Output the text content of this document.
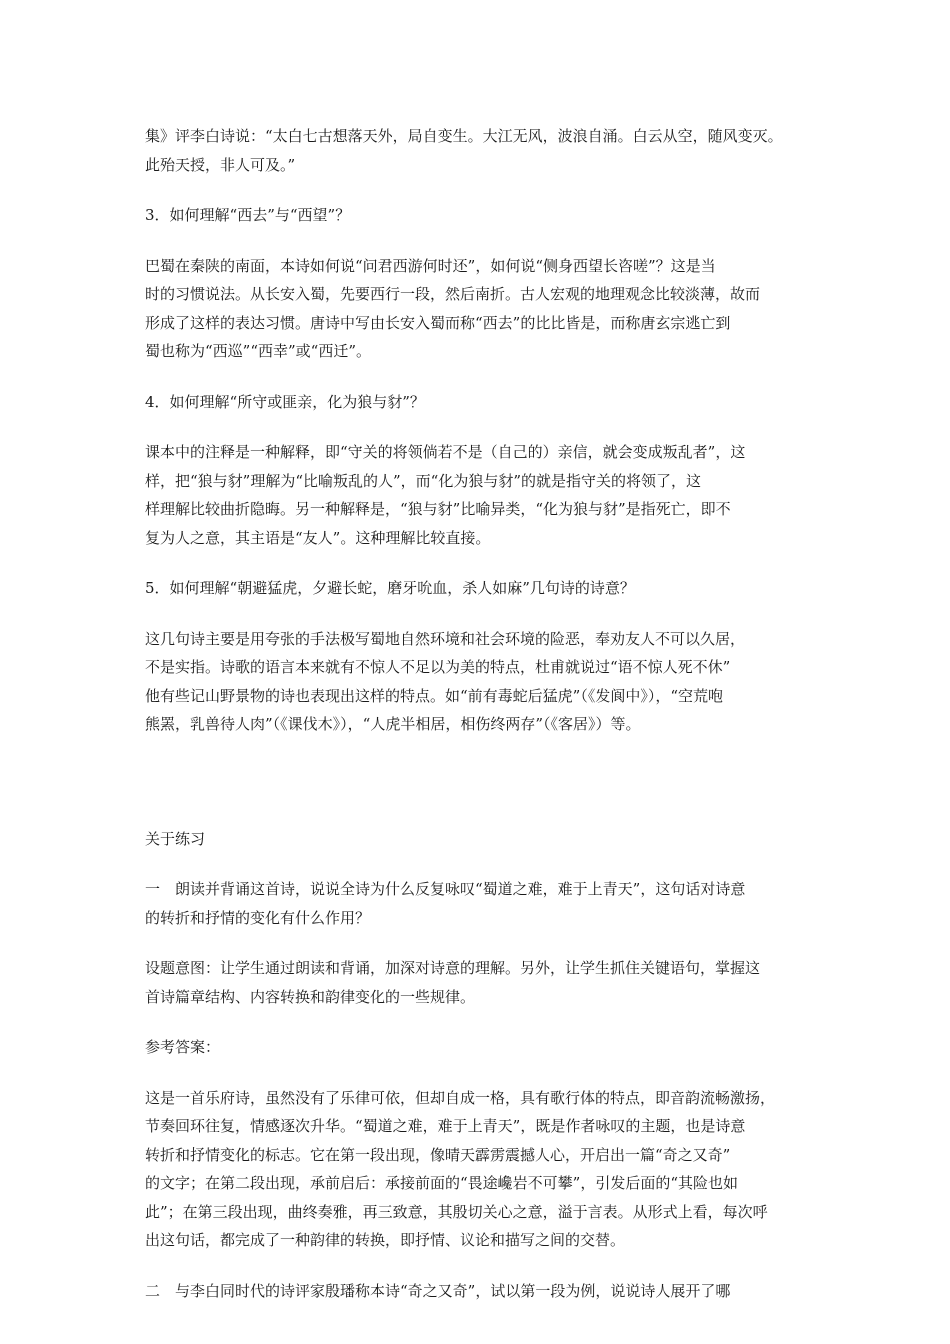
集》评李白诗说：“太白七古想落天外，局自变生。大江无风，波浪自涌。白云从空，随风变灭。
此殆天授，非人可及。”
3．如何理解“西去”与“西望”？
巴蜀在秦陕的南面，本诗如何说“问君西游何时还”，如何说“侧身西望长咨嗟”？这是当
时的习惯说法。从长安入蜀，先要西行一段，然后南折。古人宏观的地理观念比较淡薄，故而
形成了这样的表达习惯。唐诗中写由长安入蜀而称“西去”的比比皆是，而称唐玄宗逃亡到
蜀也称为“西巡”“西幸”或“西迁”。
4．如何理解“所守或匪亲，化为狼与豺”？
课本中的注释是一种解释，即“守关的将领倘若不是（自己的）亲信，就会变成叛乱者”，这
样，把“狼与豺”理解为“比喻叛乱的人”，而“化为狼与豺”的就是指守关的将领了，这
样理解比较曲折隐晦。另一种解释是，“狼与豺”比喻异类，“化为狼与豺”是指死亡，即不
复为人之意，其主语是“友人”。这种理解比较直接。
5．如何理解“朝避猛虎，夕避长蛇，磨牙吮血，杀人如麻”几句诗的诗意？
这几句诗主要是用夸张的手法极写蜀地自然环境和社会环境的险恶，奉劝友人不可以久居，
不是实指。诗歌的语言本来就有不惊人不足以为美的特点，杜甫就说过“语不惊人死不休”
他有些记山野景物的诗也表现出这样的特点。如“前有毒蛇后猛虎”（《发阆中》），“空荒咆
熊罴，乳兽待人肉”（《课伐木》），“人虎半相居，相伤终两存”（《客居》）等。
关于练习
一　朗读并背诵这首诗，说说全诗为什么反复咏叹“蜀道之难，难于上青天”，这句话对诗意
的转折和抒情的变化有什么作用？
设题意图：让学生通过朗读和背诵，加深对诗意的理解。另外，让学生抓住关键语句，掌握这
首诗篇章结构、内容转换和韵律变化的一些规律。
参考答案：
这是一首乐府诗，虽然没有了乐律可依，但却自成一格，具有歌行体的特点，即音韵流畅激扬，
节奏回环往复，情感逐次升华。“蜀道之难，难于上青天”，既是作者咏叹的主题，也是诗意
转折和抒情变化的标志。它在第一段出现，像晴天霹雳震撼人心，开启出一篇“奇之又奇”
的文字；在第二段出现，承前启后：承接前面的“畏途巉岩不可攀”，引发后面的“其险也如
此”；在第三段出现，曲终奏雅，再三致意，其殷切关心之意，溢于言表。从形式上看，每次呼
出这句话，都完成了一种韵律的转换，即抒情、议论和描写之间的交替。
二　与李白同时代的诗评家殷璠称本诗“奇之又奇”，试以第一段为例，说说诗人展开了哪
